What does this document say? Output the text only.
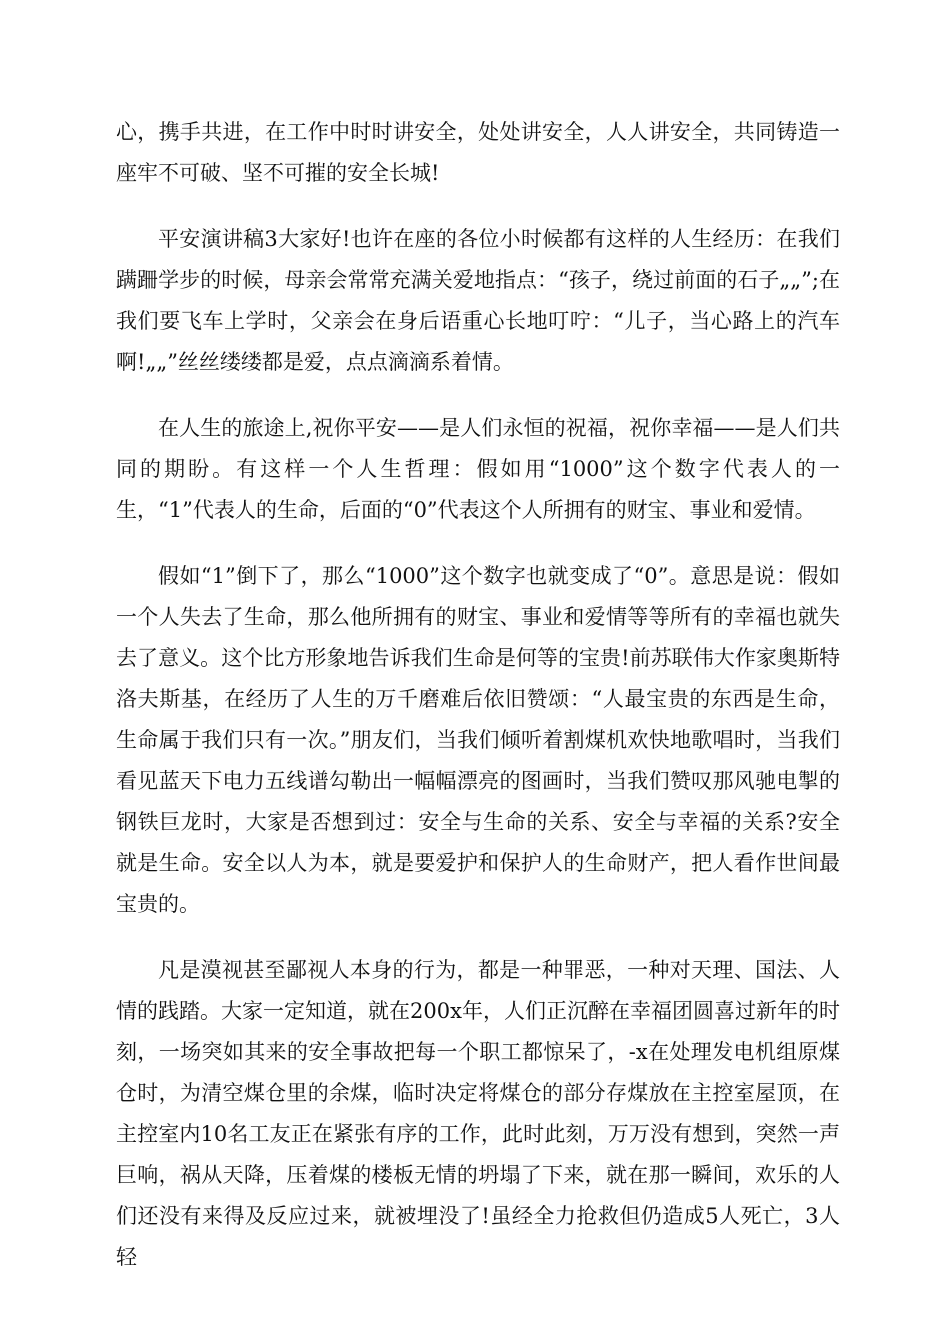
心，携手共进，在工作中时时讲安全，处处讲安全，人人讲安全，共同铸造一座牢不可破、坚不可摧的安全长城!

平安演讲稿3大家好!也许在座的各位小时候都有这样的人生经历：在我们蹒跚学步的时候，母亲会常常充满关爱地指点：“孩子，绕过前面的石子„„”;在我们要飞车上学时，父亲会在身后语重心长地叮咛：“儿子，当心路上的汽车啊!„„”丝丝缕缕都是爱，点点滴滴系着情。

在人生的旅途上,祝你平安——是人们永恒的祝福，祝你幸福——是人们共同的期盼。有这样一个人生哲理：假如用“1000”这个数字代表人的一生，“1”代表人的生命，后面的“0”代表这个人所拥有的财宝、事业和爱情。

假如“1”倒下了，那么“1000”这个数字也就变成了“0”。意思是说：假如一个人失去了生命，那么他所拥有的财宝、事业和爱情等等所有的幸福也就失去了意义。这个比方形象地告诉我们生命是何等的宝贵!前苏联伟大作家奥斯特洛夫斯基，在经历了人生的万千磨难后依旧赞颂：“人最宝贵的东西是生命，生命属于我们只有一次。”朋友们，当我们倾听着割煤机欢快地歌唱时，当我们看见蓝天下电力五线谱勾勒出一幅幅漂亮的图画时，当我们赞叹那风驰电掣的钢铁巨龙时，大家是否想到过：安全与生命的关系、安全与幸福的关系?安全就是生命。安全以人为本，就是要爱护和保护人的生命财产，把人看作世间最宝贵的。

凡是漠视甚至鄙视人本身的行为，都是一种罪恶，一种对天理、国法、人情的践踏。大家一定知道，就在200x年，人们正沉醉在幸福团圆喜过新年的时刻，一场突如其来的安全事故把每一个职工都惊呆了，-x在处理发电机组原煤仓时，为清空煤仓里的余煤，临时决定将煤仓的部分存煤放在主控室屋顶，在主控室内10名工友正在紧张有序的工作，此时此刻，万万没有想到，突然一声巨响，祸从天降，压着煤的楼板无情的坍塌了下来，就在那一瞬间，欢乐的人们还没有来得及反应过来，就被埋没了!虽经全力抢救但仍造成5人死亡，3人轻
